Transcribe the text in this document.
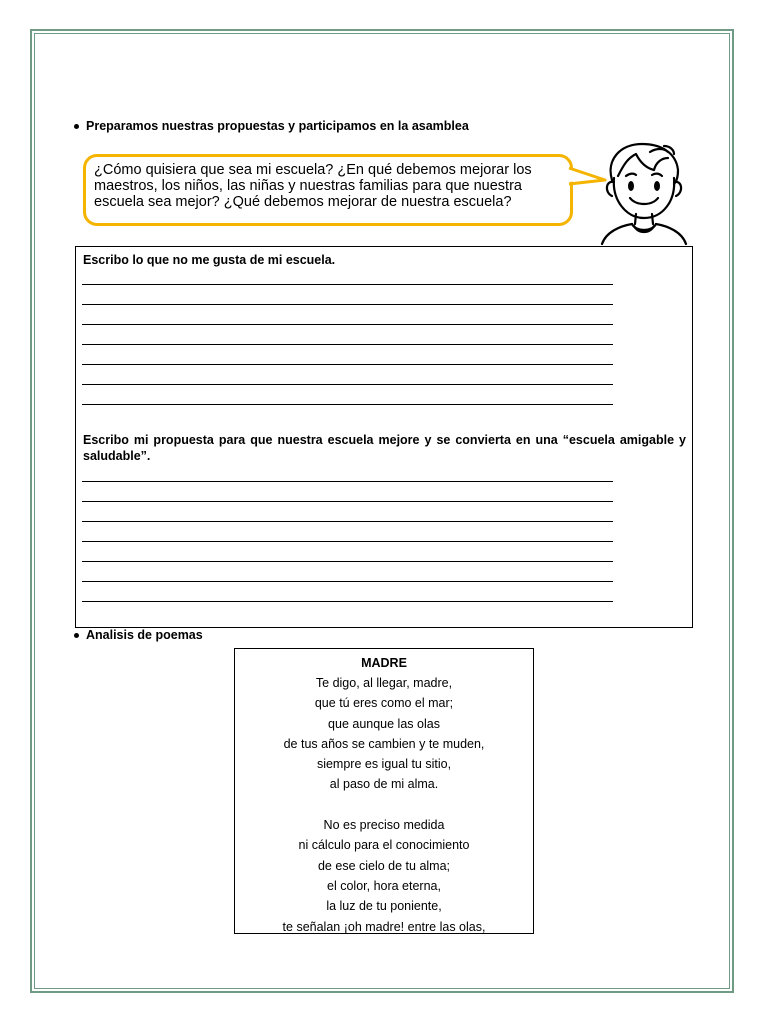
Preparamos nuestras propuestas y participamos en la asamblea
¿Cómo quisiera que sea mi escuela? ¿En qué debemos mejorar los maestros, los niños, las niñas y nuestras familias para que nuestra escuela sea mejor? ¿Qué debemos mejorar de nuestra escuela?
Escribo lo que no me gusta de mi escuela.
Escribo mi propuesta para que nuestra escuela mejore y se convierta en una “escuela amigable y saludable”.
Analisis de poemas
MADRE
Te digo, al llegar, madre,
que tú eres como el mar;
que aunque las olas
de tus años se cambien y te muden,
siempre es igual tu sitio,
al paso de mi alma.
No es preciso medida
ni cálculo para el conocimiento
de ese cielo de tu alma;
el color, hora eterna,
la luz de tu poniente,
te señalan ¡oh madre! entre las olas,
